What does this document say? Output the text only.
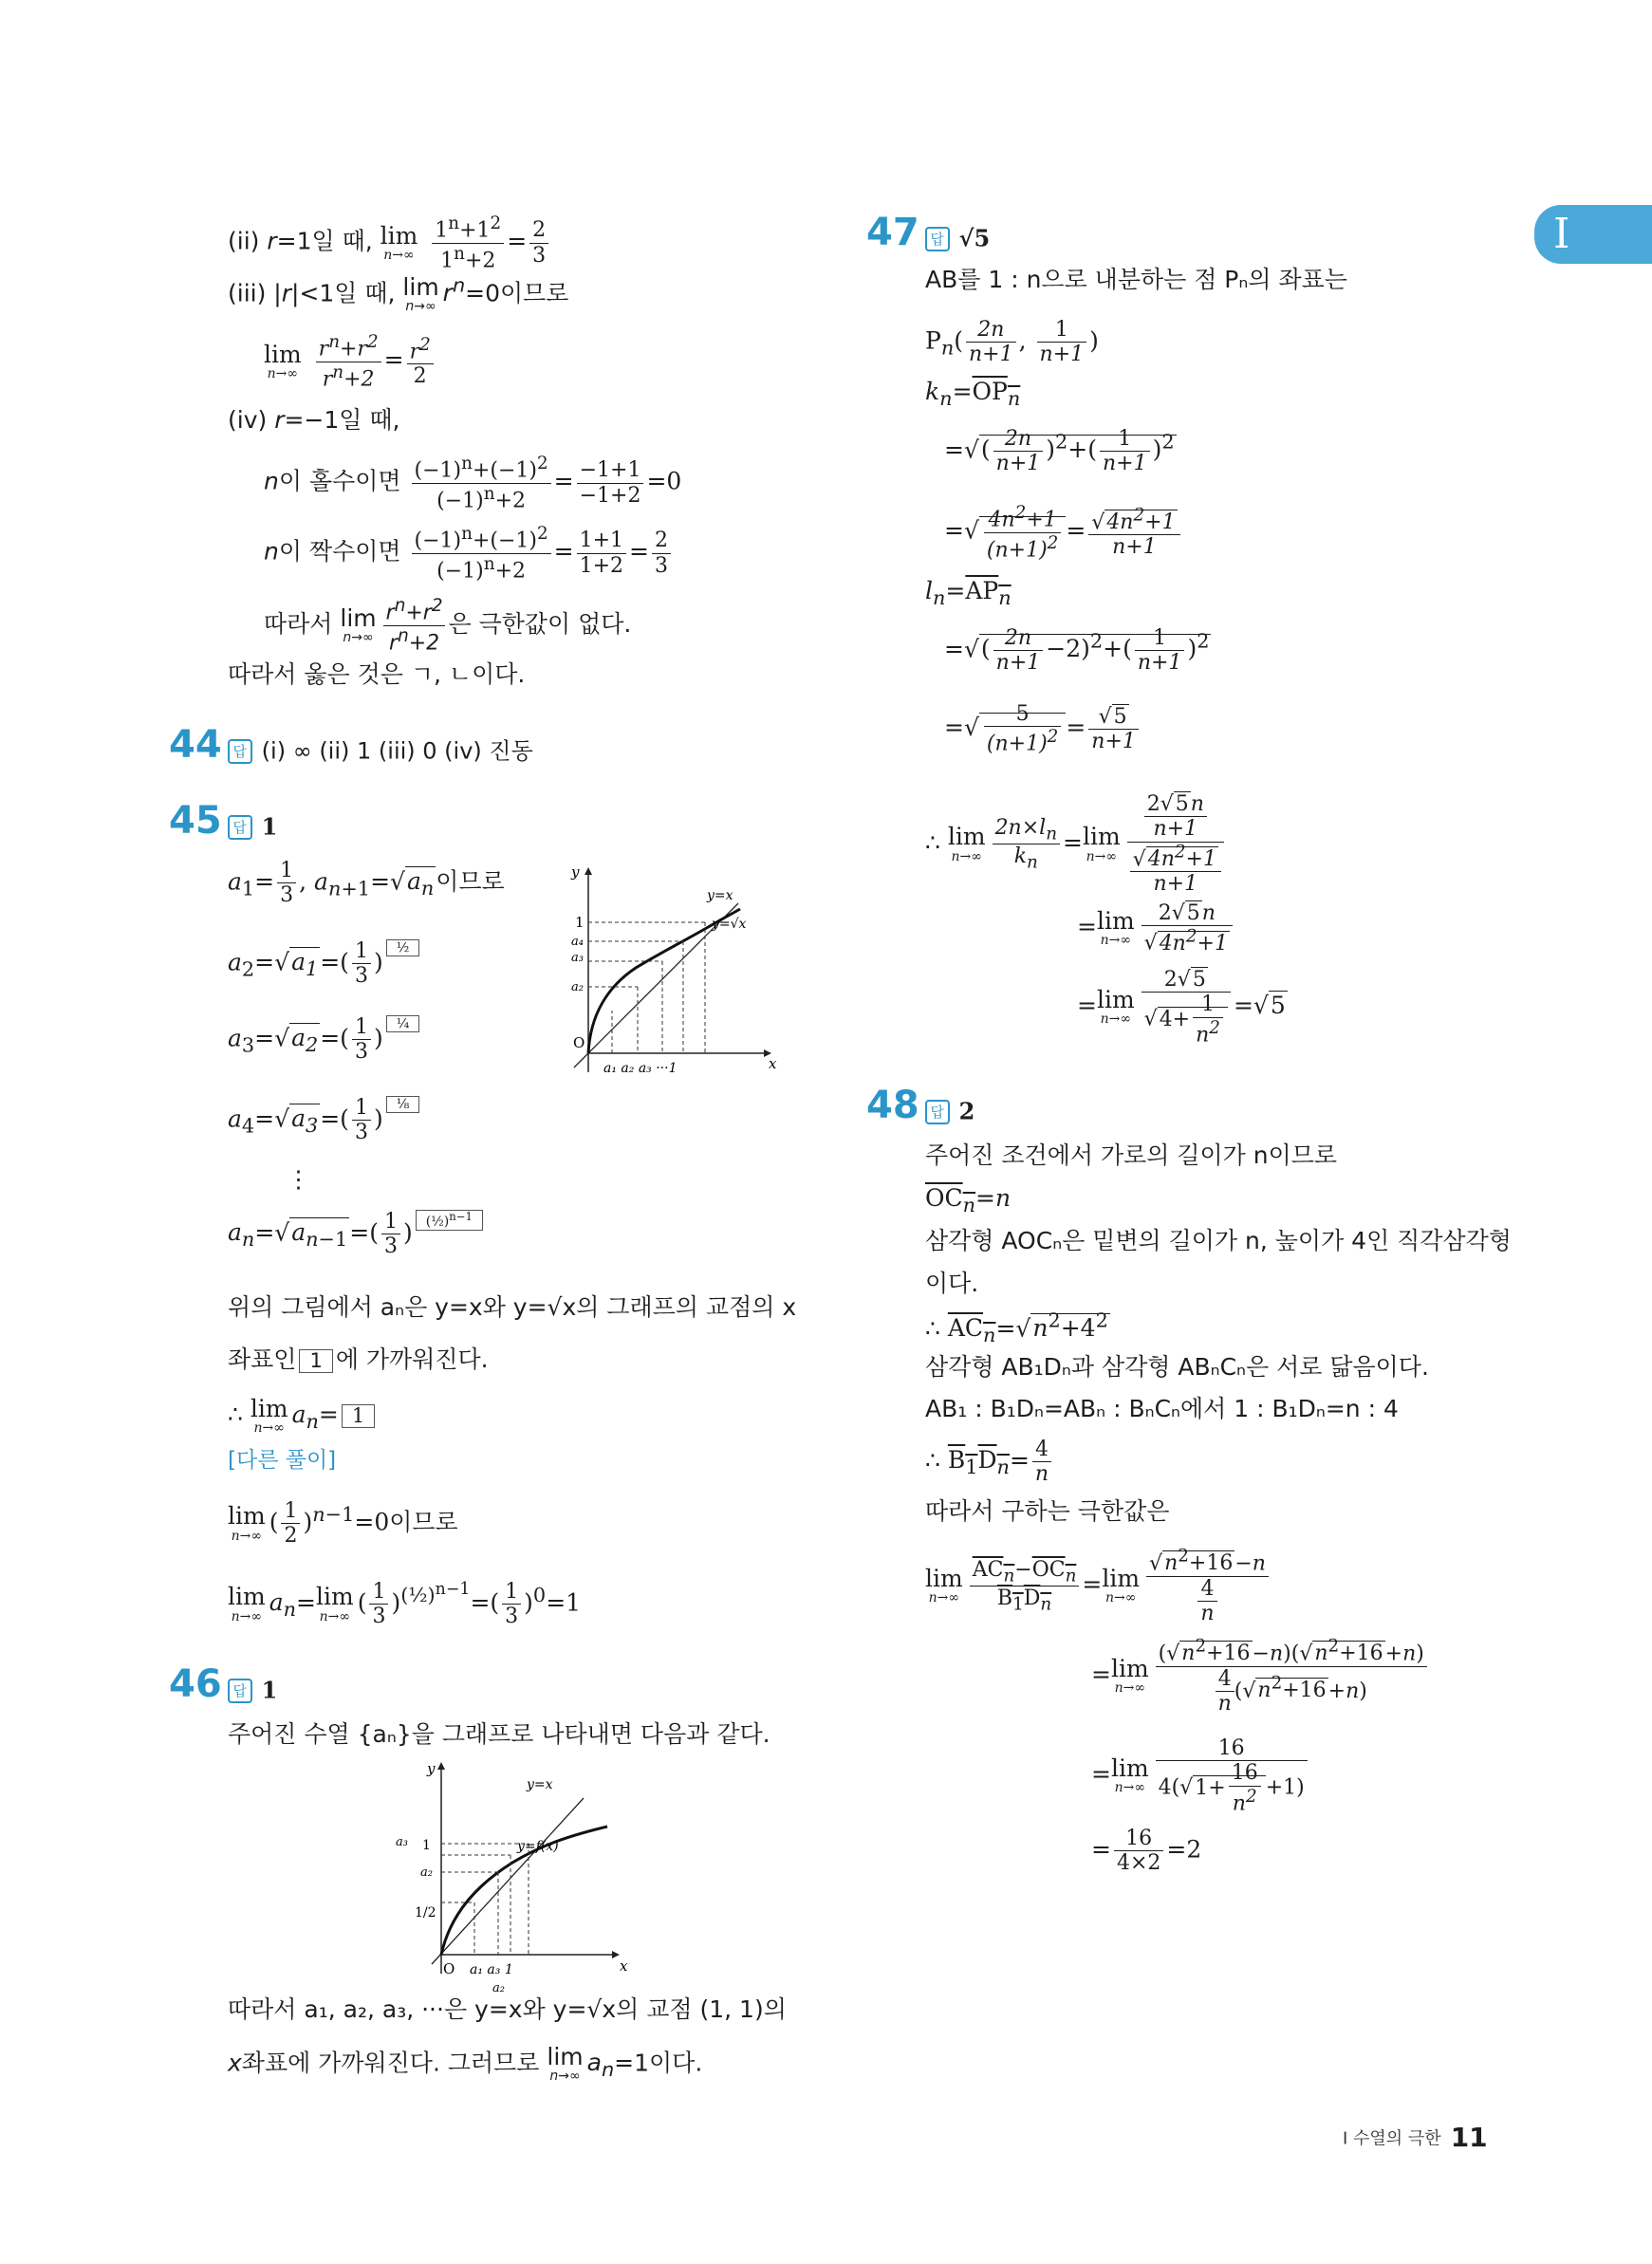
I
(ii) r=1일 때, lim
n→∞
$\frac{1^n+1^2}{1^n+2} = \frac{2}{3}$
(iii) |r|<1일 때, lim
n→∞ $r^n=0$이므로
lim
n→∞
$\frac{r^n+r^2}{r^n+2} = \frac{r^2}{2}$
(iv) r=−1일 때,
n이 홀수이면 $\frac{(-1)^n+(-1)^2}{(-1)^n+2} = \frac{-1+1}{-1+2} =0$
n이 짝수이면 $\frac{(-1)^n+(-1)^2}{(-1)^n+2} = \frac{1+1}{1+2} = \frac{2}{3}$
따라서 lim
$n\to\infty \frac{r^n+r^2}{r^n+2}$ 은 극한값이 없다.
따라서 옳은 것은 ㄱ, ㄴ이다.
44 답 (i) ∞ (ii) 1 (iii) 0 (iv) 진동
45 답 1
$a_1= \frac{1}{3}$ , $a_{n+1}=√a_n$이므로
$a_2=√a_1=( \frac{1}{3}$ )½
$a_3=√a_2=( \frac{1}{3}$ )¼
$a_4=√a_3=( \frac{1}{3}$ )⅛
⋮
$a_n=√a_{n-1}=( \frac{1}{3}$ ) (½)$^{n-1}$
위의 그림에서 aₙ은 y=x와 y=√x의 그래프의 교점의 x
좌표인 1 에 가까워진다.
∴ lim
n→∞
$a_n= 1$
[다른 풀이]
lim
n→∞
( $\frac{1}{2} )^{n-1}=0$이므로
lim
n→∞
$a_n= \lim$
n→∞
( $\frac{1}{3} )^{(\frac{1}{2})^{n-1}}=( \frac{1}{3} )^0=1$
y
x
O
1
a₄
a₃
a₂
y=x
y=√x
a₁ a₂ a₃ ···1
46 답 1
주어진 수열 {aₙ}을 그래프로 나타내면 다음과 같다.
y
x
O
y=x
y=f(x)
a₃ 1
a₂
1/2
a₁ a₃ 1
a₂
따라서 a₁, a₂, a₃, ···은 y=x와 y=√x의 교점 (1, 1)의
x좌표에 가까워진다. 그러므로 lim
n→∞ $a_n=1$이다.
47 답 √5
AB를 1 : n으로 내분하는 점 Pₙ의 좌표는
$P_n( \frac{2n}{n+1}$ , $\frac{1}{n+1}$ )
$k_n=OP_n$
=√( $\frac{2n}{n+1} )^2+( \frac{1}{n+1} )^2$
=√ $\frac{4n^2+1}{(n+1)^2} = \frac{√4n^2+1}{n+1}$
$l_n=AP_n$
=√( $\frac{2n}{n+1} -2)^2+( \frac{1}{n+1} )^2$
=√ $\frac{5}{(n+1)^2} = \frac{√5}{n+1}$
∴ lim
$n\to\infty \frac{2n\times l_n}{k_n} = \lim$
$n\to\infty \frac{\frac{2√5n}{n+1}}{\frac{√4n^2+1}{n+1}}$
= lim
$n\to\infty \frac{2√5n}{√4n^2+1}$
= lim
$n\to\infty \frac{2√5}{√4+ \frac{1}{n^2}} =√5$
48 답 2
주어진 조건에서 가로의 길이가 n이므로
$OC_n=n$
삼각형 AOCₙ은 밑변의 길이가 n, 높이가 4인 직각삼각형
이다.
∴ $AC_n=√n^2+4^2$
삼각형 AB₁Dₙ과 삼각형 ABₙCₙ은 서로 닮음이다.
AB₁ : B₁Dₙ=ABₙ : BₙCₙ에서 1 : B₁Dₙ=n : 4
∴ $B_1D_n= \frac{4}{n}$
따라서 구하는 극한값은
lim
$n\to\infty \frac{AC_n-OC_n}{B_1D_n} = \lim$
$n\to\infty \frac{√n^2+16-n}{\frac{4}{n}}$
= lim
$n\to\infty \frac{(√n^2+16-n)(√n^2+16+n)}{\frac{4}{n} (√n^2+16+n)}$
= lim
$n\to\infty \frac{16}{4(√1+ \frac{16}{n^2} +1)}$
= $\frac{16}{4\times 2} =2$
I 수열의 극한 11
